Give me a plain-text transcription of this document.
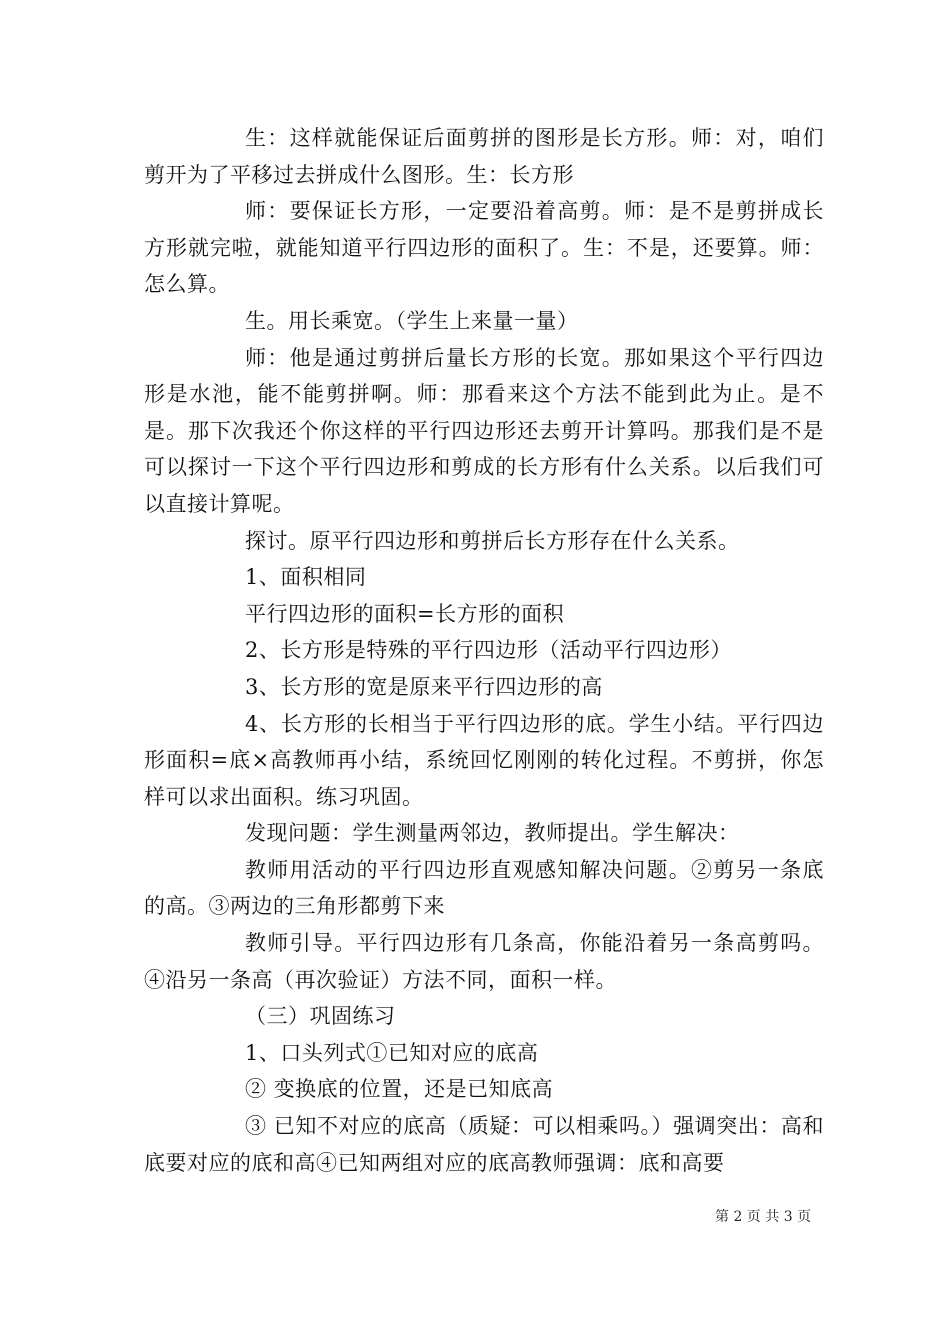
生：这样就能保证后面剪拼的图形是长方形。师：对，咱们剪开为了平移过去拼成什么图形。生：长方形

师：要保证长方形，一定要沿着高剪。师：是不是剪拼成长方形就完啦，就能知道平行四边形的面积了。生：不是，还要算。师：怎么算。

生。用长乘宽。（学生上来量一量）

师：他是通过剪拼后量长方形的长宽。那如果这个平行四边形是水池，能不能剪拼啊。师：那看来这个方法不能到此为止。是不是。那下次我还个你这样的平行四边形还去剪开计算吗。那我们是不是可以探讨一下这个平行四边形和剪成的长方形有什么关系。以后我们可以直接计算呢。

探讨。原平行四边形和剪拼后长方形存在什么关系。

1、面积相同

平行四边形的面积=长方形的面积

2、长方形是特殊的平行四边形（活动平行四边形）

3、长方形的宽是原来平行四边形的高

4、长方形的长相当于平行四边形的底。学生小结。平行四边形面积=底×高教师再小结，系统回忆刚刚的转化过程。不剪拼，你怎样可以求出面积。练习巩固。

发现问题：学生测量两邻边，教师提出。学生解决：

教师用活动的平行四边形直观感知解决问题。②剪另一条底的高。③两边的三角形都剪下来

教师引导。平行四边形有几条高，你能沿着另一条高剪吗。④沿另一条高（再次验证）方法不同，面积一样。

（三）巩固练习

1、口头列式①已知对应的底高

② 变换底的位置，还是已知底高

③ 已知不对应的底高（质疑：可以相乘吗。）强调突出：高和底要对应的底和高④已知两组对应的底高教师强调：底和高要

第 2 页 共 3 页
